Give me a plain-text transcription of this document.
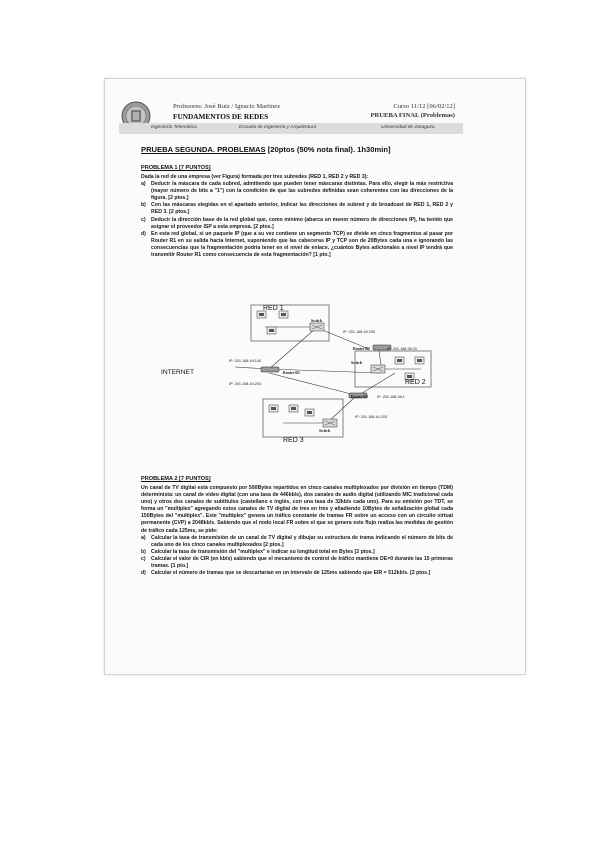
Profesores: José Ruiz / Ignacio Martinez
FUNDAMENTOS DE REDES
Curso 11/12 [06/02/12]
PRUEBA FINAL (Problemas)
Ingeniería Telemática	Escuela de Ingeniería y Arquitectura	Universidad de Zaragoza
PRUEBA SEGUNDA. PROBLEMAS [20ptos (50% nota final). 1h30min]
PROBLEMA 1 [7 PUNTOS]
Dada la red de una empresa (ver Figura) formada por tres subredes (RED 1, RED 2 y RED 3):
a)	Deducir la máscara de cada subred, admitiendo que pueden tener máscaras distintas. Para ello, elegir la más restrictiva (mayor número de bits a "1") con la condición de que las subredes definidas sean coherentes con las direcciones de la figura. [2 ptos.]
b) Con las máscaras elegidas en el apartado anterior, indicar las direcciones de subred y de broadcast de RED 1, RED 2 y RED 3. [2 ptos.]
c)	Deducir la dirección base de la red global que, como mínimo (abarca un menor número de direcciones IP), ha tenido que asignar el proveedor ISP a esta empresa. [2 ptos.]
d) En esta red global, si un paquete IP (que a su vez contiene un segmento TCP) se divide en cinco fragmentos al pasar por Router R1 en su salida hacia Internet, suponiendo que las cabeceras IP y TCP son de 20Bytes cada una e ignorando las consecuencias que la fragmentación podría tener en el nivel de enlace, ¿cuántos Bytes adicionales a nivel IP tendrá que transmitir Router R1 como consecuencia de esta fragmentación? [1 pto.]
RED 1
RED 2
RED 3
INTERNET
Switch
Switch
Switch
Router R1
Router R2
Router R3
IP: 201.168.49.140
IP: 201.168.44.204
IP: 201.168.49.200
IP: 201.168.38.20
IP: 201.168.38.1
IP: 201.168.44.203
PROBLEMA 2 [7 PUNTOS]
Un canal de TV digital está compuesto por 500Bytes repartidos en cinco canales multiplexados por división en tiempo (TDM) determinista: un canal de vídeo digital (con una tasa de 446kb/s), dos canales de audio digital (utilizando MIC tradicional cada uno) y otros dos canales de subtítulos (castellano e inglés, con una tasa de 32kb/s cada uno). Para su emisión por TDT, se forma un "multiplex" agregando estos canales de TV digital de tres en tres y añadiendo 10Bytes de señalización global cada 150Bytes del "multiplex". Este "multiplex" genera un tráfico constante de tramas FR sobre un acceso con un circuito virtual permanente (CVP) a 2048kb/s. Sabiendo que el nodo local FR sobre el que se genera este flujo realiza las medidas de gestión de tráfico cada 125ms, se pide:
a)	Calcular la tasa de transmisión de un canal de TV digital y dibujar su estructura de trama indicando el número de bits de cada uno de los cinco canales multiplexados [2 ptos.]
b) Calcular la tasa de transmisión del "multiplex" e indicar su longitud total en Bytes [2 ptos.]
c)	Calcular el valor de CIR (en kb/s) sabiendo que el mecanismo de control de tráfico mantiene DE=0 durante las 15 primeras tramas. [1 pto.]
d) Calcular el número de tramas que se descartarían en un intervalo de 125ms sabiendo que EIR = 512kb/s. [2 ptos.]
